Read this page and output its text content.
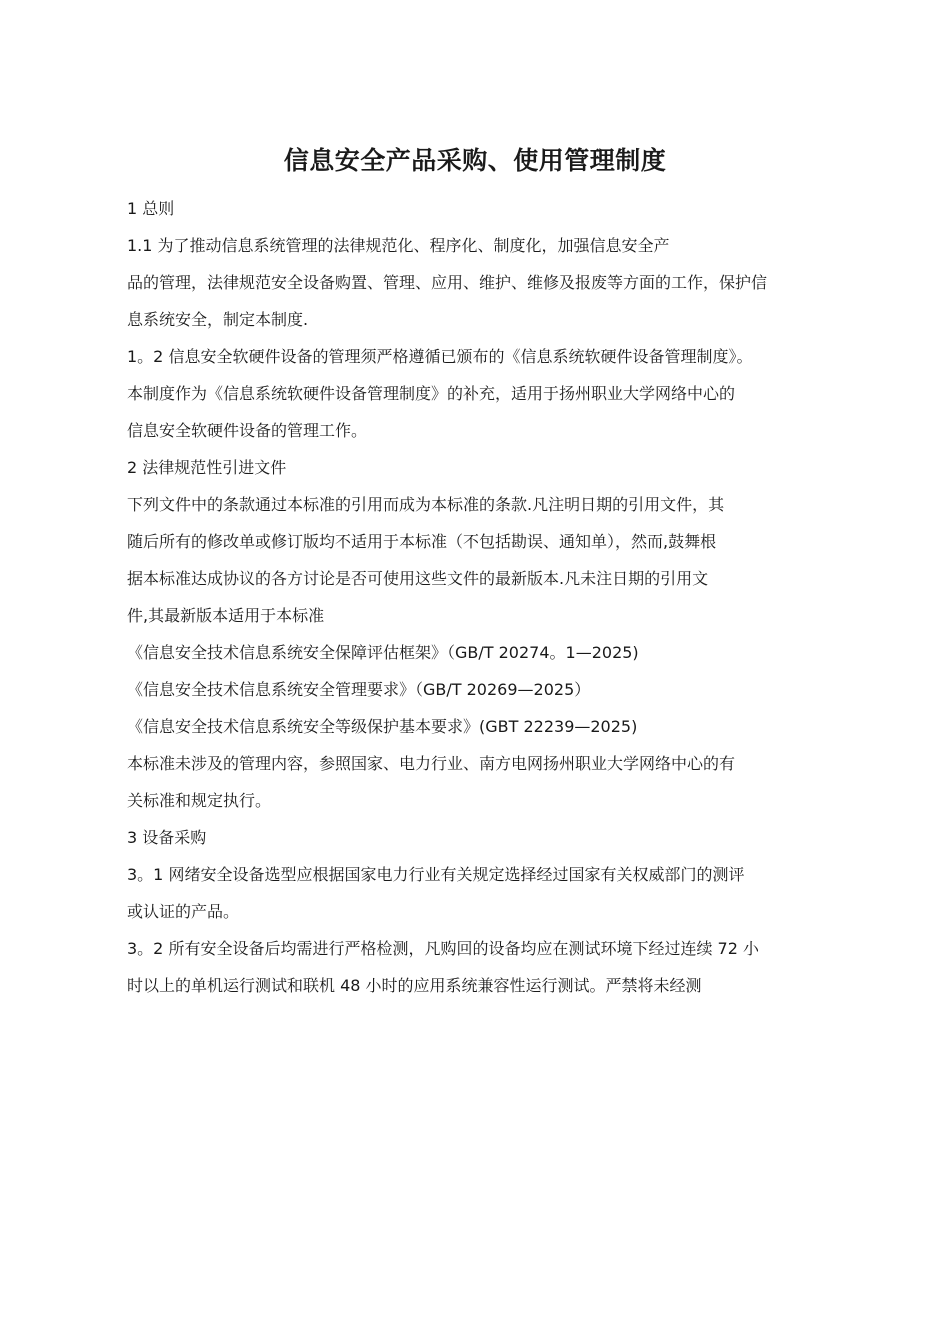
信息安全产品采购、使用管理制度

1 总则

1.1 为了推动信息系统管理的法律规范化、程序化、制度化，加强信息安全产

品的管理，法律规范安全设备购置、管理、应用、维护、维修及报废等方面的工作，保护信

息系统安全，制定本制度.

1。2 信息安全软硬件设备的管理须严格遵循已颁布的《信息系统软硬件设备管理制度》。

本制度作为《信息系统软硬件设备管理制度》的补充，适用于扬州职业大学网络中心的

信息安全软硬件设备的管理工作。

2 法律规范性引进文件

下列文件中的条款通过本标准的引用而成为本标准的条款.凡注明日期的引用文件，其

随后所有的修改单或修订版均不适用于本标准（不包括勘误、通知单），然而,鼓舞根

据本标准达成协议的各方讨论是否可使用这些文件的最新版本.凡未注日期的引用文

件,其最新版本适用于本标准

《信息安全技术信息系统安全保障评估框架》（GB/T 20274。1—2025)

《信息安全技术信息系统安全管理要求》（GB/T 20269—2025）

《信息安全技术信息系统安全等级保护基本要求》(GBT 22239—2025)

本标准未涉及的管理内容，参照国家、电力行业、南方电网扬州职业大学网络中心的有

关标准和规定执行。

3 设备采购

3。1 网绪安全设备选型应根据国家电力行业有关规定选择经过国家有关权威部门的测评

或认证的产品。

3。2 所有安全设备后均需进行严格检测，凡购回的设备均应在测试环境下经过连续 72 小

时以上的单机运行测试和联机 48 小时的应用系统兼容性运行测试。严禁将未经测
